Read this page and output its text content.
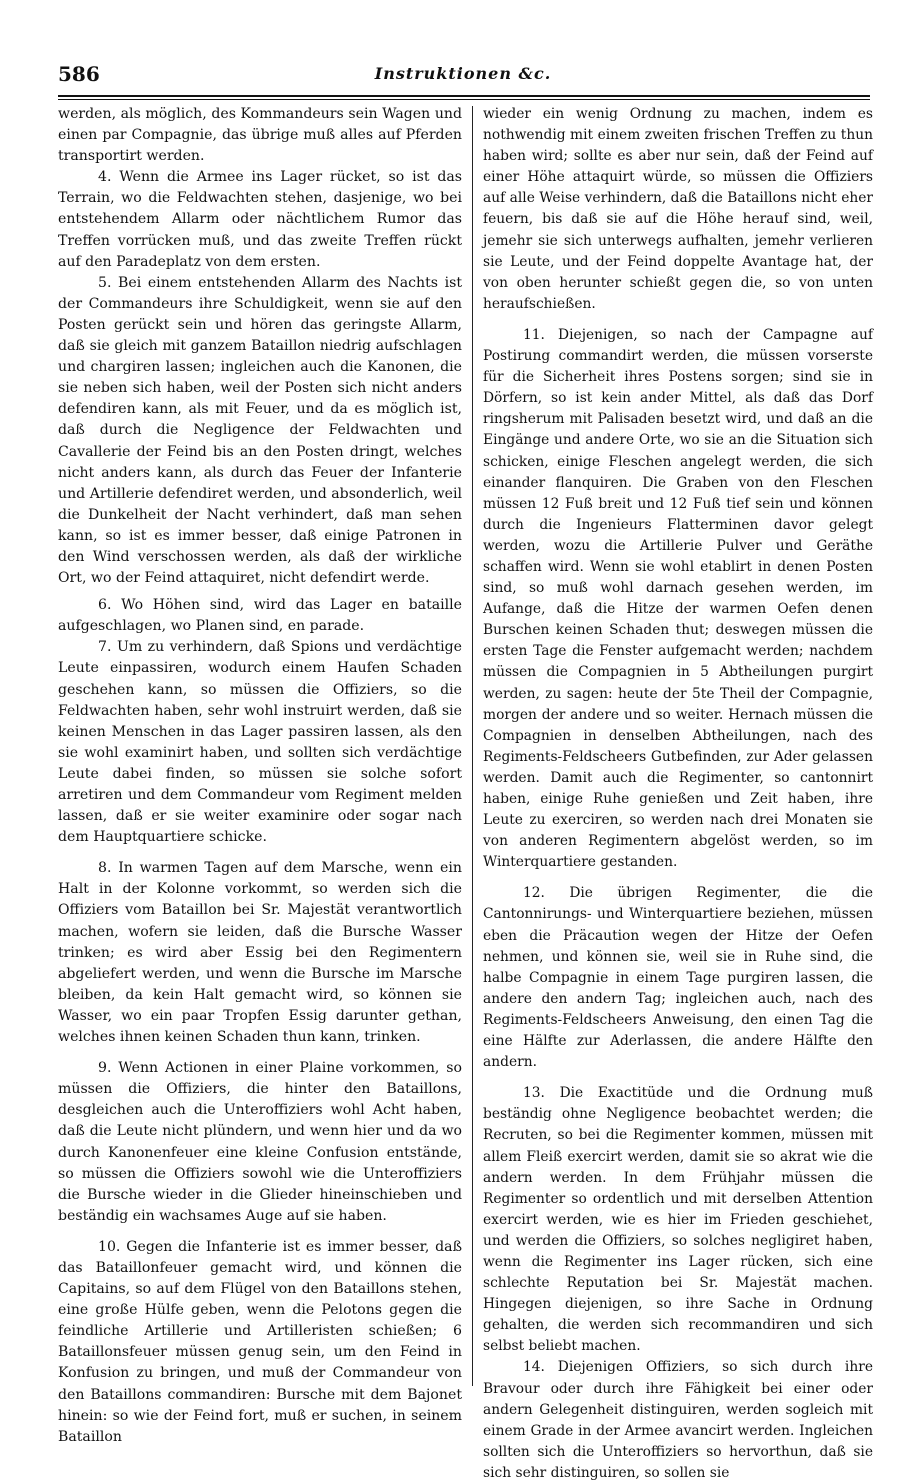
586	Instruktionen &c.

werden, als möglich, des Kommandeurs sein Wagen und einen par Compagnie, das übrige muß alles auf Pferden transportirt werden.

4. Wenn die Armee ins Lager rücket, so ist das Terrain, wo die Feldwachten stehen, dasjenige, wo bei entstehendem Allarm oder nächtlichem Rumor das Treffen vorrücken muß, und das zweite Treffen rückt auf den Paradeplatz von dem ersten.

5. Bei einem entstehenden Allarm des Nachts ist der Commandeurs ihre Schuldigkeit, wenn sie auf den Posten gerückt sein und hören das geringste Allarm, daß sie gleich mit ganzem Bataillon niedrig aufschlagen und chargiren lassen; ingleichen auch die Kanonen, die sie neben sich haben, weil der Posten sich nicht anders defendiren kann, als mit Feuer, und da es möglich ist, daß durch die Negligence der Feldwachten und Cavallerie der Feind bis an den Posten dringt, welches nicht anders kann, als durch das Feuer der Infanterie und Artillerie defendiret werden, und absonderlich, weil die Dunkelheit der Nacht verhindert, daß man sehen kann, so ist es immer besser, daß einige Patronen in den Wind verschossen werden, als daß der wirkliche Ort, wo der Feind attaquiret, nicht defendirt werde.

6. Wo Höhen sind, wird das Lager en bataille aufgeschlagen, wo Planen sind, en parade.

7. Um zu verhindern, daß Spions und verdächtige Leute einpassiren, wodurch einem Haufen Schaden geschehen kann, so müssen die Offiziers, so die Feldwachten haben, sehr wohl instruirt werden, daß sie keinen Menschen in das Lager passiren lassen, als den sie wohl examinirt haben, und sollten sich verdächtige Leute dabei finden, so müssen sie solche sofort arretiren und dem Commandeur vom Regiment melden lassen, daß er sie weiter examinire oder sogar nach dem Hauptquartiere schicke.

8. In warmen Tagen auf dem Marsche, wenn ein Halt in der Kolonne vorkommt, so werden sich die Offiziers vom Bataillon bei Sr. Majestät verantwortlich machen, wofern sie leiden, daß die Bursche Wasser trinken; es wird aber Essig bei den Regimentern abgeliefert werden, und wenn die Bursche im Marsche bleiben, da kein Halt gemacht wird, so können sie Wasser, wo ein paar Tropfen Essig darunter gethan, welches ihnen keinen Schaden thun kann, trinken.

9. Wenn Actionen in einer Plaine vorkommen, so müssen die Offiziers, die hinter den Bataillons, desgleichen auch die Unteroffiziers wohl Acht haben, daß die Leute nicht plündern, und wenn hier und da wo durch Kanonenfeuer eine kleine Confusion entstände, so müssen die Offiziers sowohl wie die Unteroffiziers die Bursche wieder in die Glieder hineinschieben und beständig ein wachsames Auge auf sie haben.

10. Gegen die Infanterie ist es immer besser, daß das Bataillonfeuer gemacht wird, und können die Capitains, so auf dem Flügel von den Bataillons stehen, eine große Hülfe geben, wenn die Pelotons gegen die feindliche Artillerie und Artilleristen schießen; 6 Bataillonsfeuer müssen genug sein, um den Feind in Konfusion zu bringen, und muß der Commandeur von den Bataillons commandiren: Bursche mit dem Bajonet hinein: so wie der Feind fort, muß er suchen, in seinem Bataillon

wieder ein wenig Ordnung zu machen, indem es nothwendig mit einem zweiten frischen Treffen zu thun haben wird; sollte es aber nur sein, daß der Feind auf einer Höhe attaquirt würde, so müssen die Offiziers auf alle Weise verhindern, daß die Bataillons nicht eher feuern, bis daß sie auf die Höhe herauf sind, weil, jemehr sie sich unterwegs aufhalten, jemehr verlieren sie Leute, und der Feind doppelte Avantage hat, der von oben herunter schießt gegen die, so von unten heraufschießen.

11. Diejenigen, so nach der Campagne auf Postirung commandirt werden, die müssen vorserste für die Sicherheit ihres Postens sorgen; sind sie in Dörfern, so ist kein ander Mittel, als daß das Dorf ringsherum mit Palisaden besetzt wird, und daß an die Eingänge und andere Orte, wo sie an die Situation sich schicken, einige Fleschen angelegt werden, die sich einander flanquiren. Die Graben von den Fleschen müssen 12 Fuß breit und 12 Fuß tief sein und können durch die Ingenieurs Flatterminen davor gelegt werden, wozu die Artillerie Pulver und Geräthe schaffen wird. Wenn sie wohl etablirt in denen Posten sind, so muß wohl darnach gesehen werden, im Aufange, daß die Hitze der warmen Oefen denen Burschen keinen Schaden thut; deswegen müssen die ersten Tage die Fenster aufgemacht werden; nachdem müssen die Compagnien in 5 Abtheilungen purgirt werden, zu sagen: heute der 5te Theil der Compagnie, morgen der andere und so weiter. Hernach müssen die Compagnien in denselben Abtheilungen, nach des Regiments-Feldscheers Gutbefinden, zur Ader gelassen werden. Damit auch die Regimenter, so cantonnirt haben, einige Ruhe genießen und Zeit haben, ihre Leute zu exerciren, so werden nach drei Monaten sie von anderen Regimentern abgelöst werden, so im Winterquartiere gestanden.

12. Die übrigen Regimenter, die die Cantonnirungs- und Winterquartiere beziehen, müssen eben die Präcaution wegen der Hitze der Oefen nehmen, und können sie, weil sie in Ruhe sind, die halbe Compagnie in einem Tage purgiren lassen, die andere den andern Tag; ingleichen auch, nach des Regiments-Feldscheers Anweisung, den einen Tag die eine Hälfte zur Aderlassen, die andere Hälfte den andern.

13. Die Exactitüde und die Ordnung muß beständig ohne Negligence beobachtet werden; die Recruten, so bei die Regimenter kommen, müssen mit allem Fleiß exercirt werden, damit sie so akrat wie die andern werden. In dem Frühjahr müssen die Regimenter so ordentlich und mit derselben Attention exercirt werden, wie es hier im Frieden geschiehet, und werden die Offiziers, so solches negligiret haben, wenn die Regimenter ins Lager rücken, sich eine schlechte Reputation bei Sr. Majestät machen. Hingegen diejenigen, so ihre Sache in Ordnung gehalten, die werden sich recommandiren und sich selbst beliebt machen.

14. Diejenigen Offiziers, so sich durch ihre Bravour oder durch ihre Fähigkeit bei einer oder andern Gelegenheit distinguiren, werden sogleich mit einem Grade in der Armee avancirt werden. Ingleichen sollten sich die Unteroffiziers so hervorthun, daß sie sich sehr distinguiren, so sollen sie
